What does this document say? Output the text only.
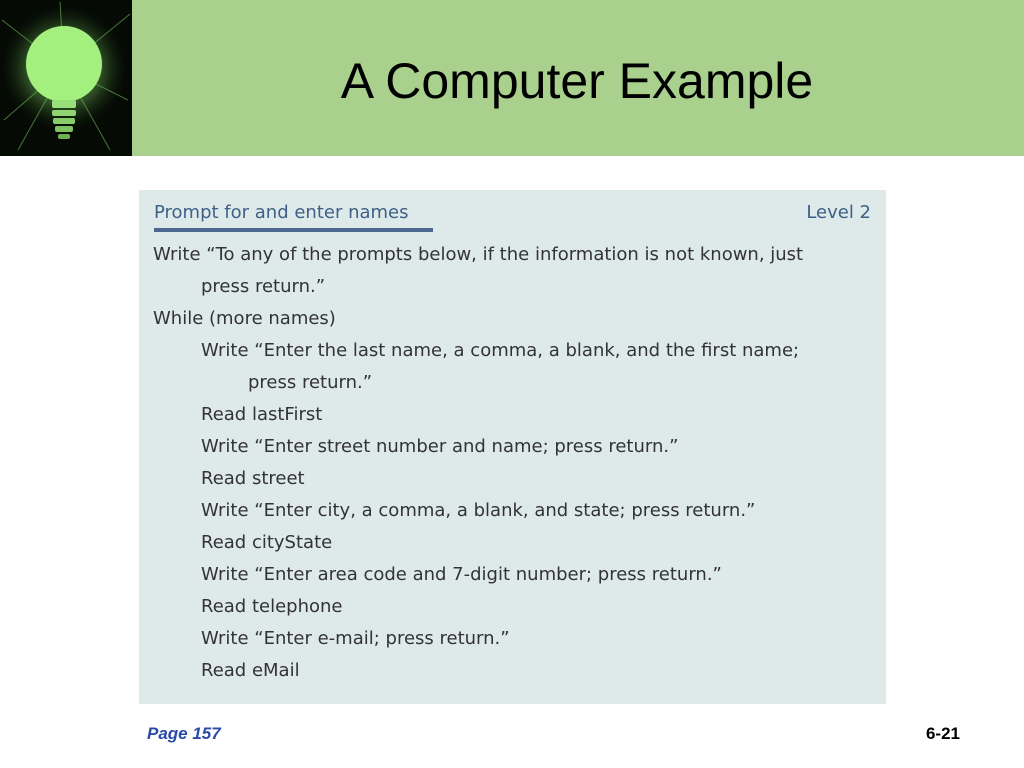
A Computer Example
Prompt for and enter names	Level 2
Write “To any of the prompts below, if the information is not known, just
press return.”
While (more names)
Write “Enter the last name, a comma, a blank, and the first name;
press return.”
Read lastFirst
Write “Enter street number and name; press return.”
Read street
Write “Enter city, a comma, a blank, and state; press return.”
Read cityState
Write “Enter area code and 7-digit number; press return.”
Read telephone
Write “Enter e-mail; press return.”
Read eMail
Page 157	6-21
